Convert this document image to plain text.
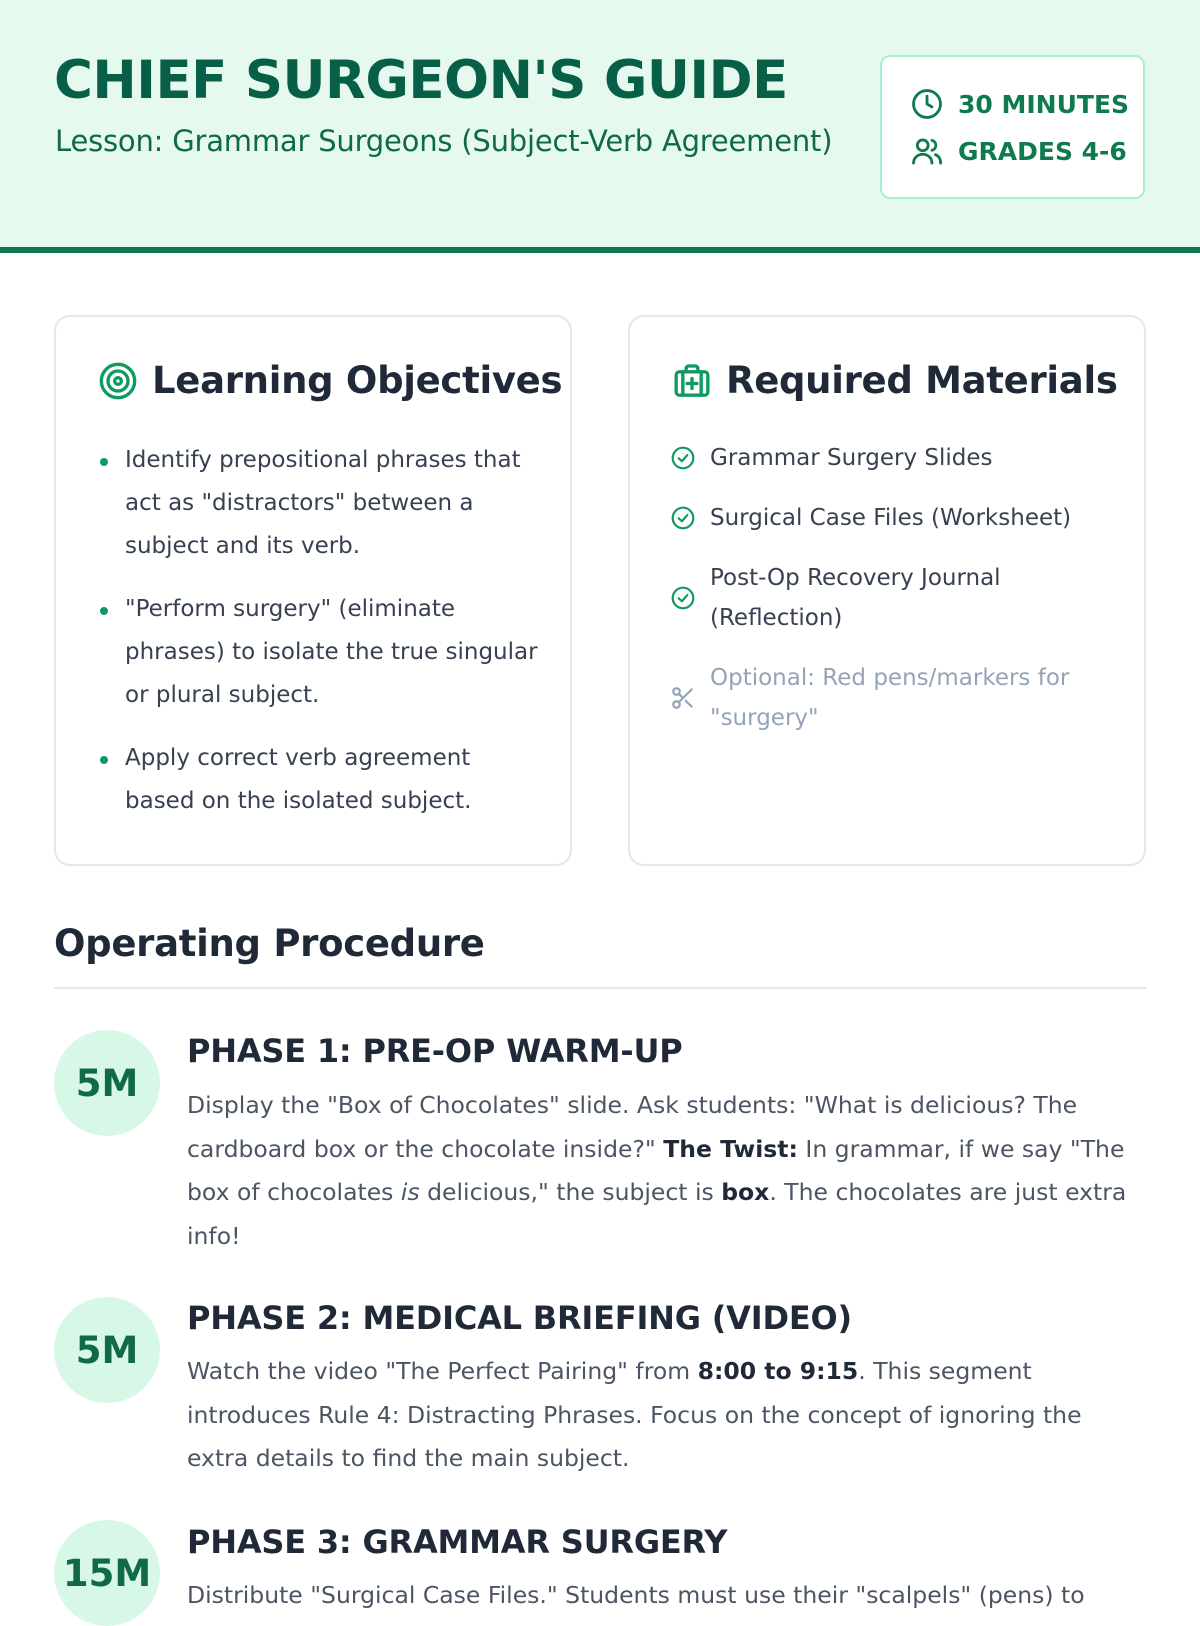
CHIEF SURGEON'S GUIDE
Lesson: Grammar Surgeons (Subject-Verb Agreement)
30 MINUTES
GRADES 4-6
Learning Objectives
Identify prepositional phrases that act as "distractors" between a subject and its verb.
"Perform surgery" (eliminate phrases) to isolate the true singular or plural subject.
Apply correct verb agreement based on the isolated subject.
Required Materials
Grammar Surgery Slides
Surgical Case Files (Worksheet)
Post-Op Recovery Journal (Reflection)
Optional: Red pens/markers for "surgery"
Operating Procedure
5M
PHASE 1: PRE-OP WARM-UP
Display the "Box of Chocolates" slide. Ask students: "What is delicious? The cardboard box or the chocolate inside?" The Twist: In grammar, if we say "The box of chocolates is delicious," the subject is box. The chocolates are just extra info!
5M
PHASE 2: MEDICAL BRIEFING (VIDEO)
Watch the video "The Perfect Pairing" from 8:00 to 9:15. This segment introduces Rule 4: Distracting Phrases. Focus on the concept of ignoring the extra details to find the main subject.
15M
PHASE 3: GRAMMAR SURGERY
Distribute "Surgical Case Files." Students must use their "scalpels" (pens) to
